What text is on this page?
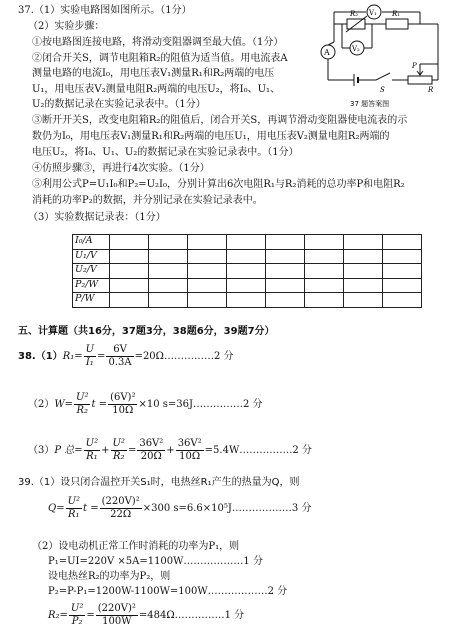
37.（1）实验电路图如图所示。（1分）
（2）实验步骤：
①按电路图连接电路，将滑动变阻器调至最大值。（1分）
②闭合开关S，调节电阻箱R₂的阻值为适当值。用电流表A
测量电路的电流I₀，用电压表V₁测量R₁和R₂两端的电压
U₁，用电压表V₂测量电阻R₂两端的电压U₂，将I₀、U₁、
U₂的数据记录在实验记录表中。（1分）
③断开开关S，改变电阻箱R₂的阻值后，闭合开关S，再调节滑动变阻器使电流表的示
数仍为I₀，用电压表V₁测量R₁和R₂两端的电压U₁，用电压表V₂测量电阻R₂两端的
电压U₂，将I₀、U₁、U₂的数据记录在实验记录表中。（1分）
④仿照步骤③，再进行4次实验。（1分）
⑤利用公式P=U₁I₀和P₂=U₂I₀，分别计算出6次电阻R₁与R₂消耗的总功率P和电阻R₂
消耗的功率P₂的数据，并分别记录在实验记录表中。
（3）实验数据记录表：（1分）
R₂	R₁
V₁
V₂
A
S
P
R
37 题答案图
I₀/A								
U₁/V								
U₂/V								
P₂/W								
P/W								
五、计算题（共16分，37题3分，38题6分，39题7分）
38.（1） $R_1= \frac{U}{\text{I₁}} = \frac{6V}{0.3A}$ =20Ω……………2 分
（2） $W= \frac{\text{U²}}{\text{R₂}}$ $t = \frac{\text{(6V)²}}{10\Omega} \times 10$ s=36J……………2 分
（3） P 总= $\frac{\text{U²}}{\text{R₁}} + \frac{\text{U²}}{\text{R₂}} = \frac{\text{36V²}}{20\Omega} + \frac{\text{36V²}}{10\Omega}$ =5.4W…………….2 分
39.（1）设只闭合温控开关S₁时，电热丝R₁产生的热量为Q，则
$Q= \frac{\text{U²}}{\text{R₁}}$ $t = \frac{\text{(220V)²}}{22\Omega} \times 300$ s=6.6×10⁵J………………3 分
（2）设电动机正常工作时消耗的功率为P₁，则
P₁=UI=220V ×5A=1100W………………1 分
设电热丝R₂的功率为P₂，则
P₂=P-P₁=1200W-1100W=100W………………2 分
$R_2= \frac{\text{U²}}{\text{P₂}} = \frac{\text{(220V)²}}{100W}$ =484Ω……………1 分
